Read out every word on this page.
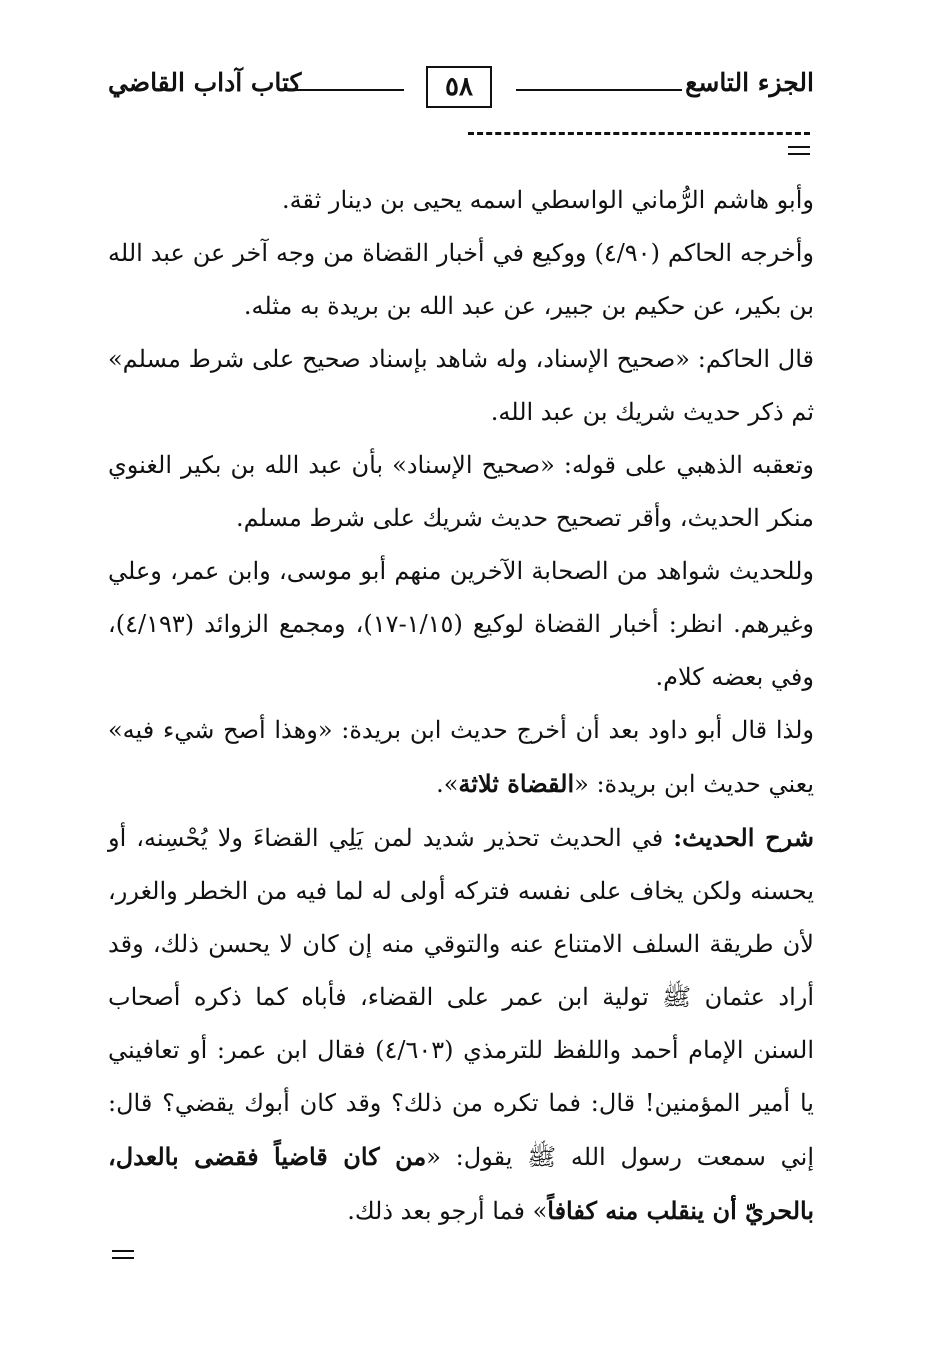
الجزء التاسع
٥٨
كتاب آداب القاضي

وأبو هاشم الرُّماني الواسطي اسمه يحيى بن دينار ثقة.

وأخرجه الحاكم (٤/٩٠) ووكيع في أخبار القضاة من وجه آخر عن عبد الله بن بكير، عن حكيم بن جبير، عن عبد الله بن بريدة به مثله.

قال الحاكم: «صحيح الإسناد، وله شاهد بإسناد صحيح على شرط مسلم» ثم ذكر حديث شريك بن عبد الله.

وتعقبه الذهبي على قوله: «صحيح الإسناد» بأن عبد الله بن بكير الغنوي منكر الحديث، وأقر تصحيح حديث شريك على شرط مسلم.

وللحديث شواهد من الصحابة الآخرين منهم أبو موسى، وابن عمر، وعلي وغيرهم. انظر: أخبار القضاة لوكيع (١/١٥-١٧)، ومجمع الزوائد (٤/١٩٣)، وفي بعضه كلام.

ولذا قال أبو داود بعد أن أخرج حديث ابن بريدة: «وهذا أصح شيء فيه» يعني حديث ابن بريدة: «القضاة ثلاثة».

شرح الحديث: في الحديث تحذير شديد لمن يَلِي القضاءَ ولا يُحْسِنه، أو يحسنه ولكن يخاف على نفسه فتركه أولى له لما فيه من الخطر والغرر، لأن طريقة السلف الامتناع عنه والتوقي منه إن كان لا يحسن ذلك، وقد أراد عثمان ﷺ تولية ابن عمر على القضاء، فأباه كما ذكره أصحاب السنن الإمام أحمد واللفظ للترمذي (٤/٦٠٣) فقال ابن عمر: أو تعافيني يا أمير المؤمنين! قال: فما تكره من ذلك؟ وقد كان أبوك يقضي؟ قال: إني سمعت رسول الله ﷺ يقول: «من كان قاضياً فقضى بالعدل، بالحريّ أن ينقلب منه كفافاً» فما أرجو بعد ذلك.
